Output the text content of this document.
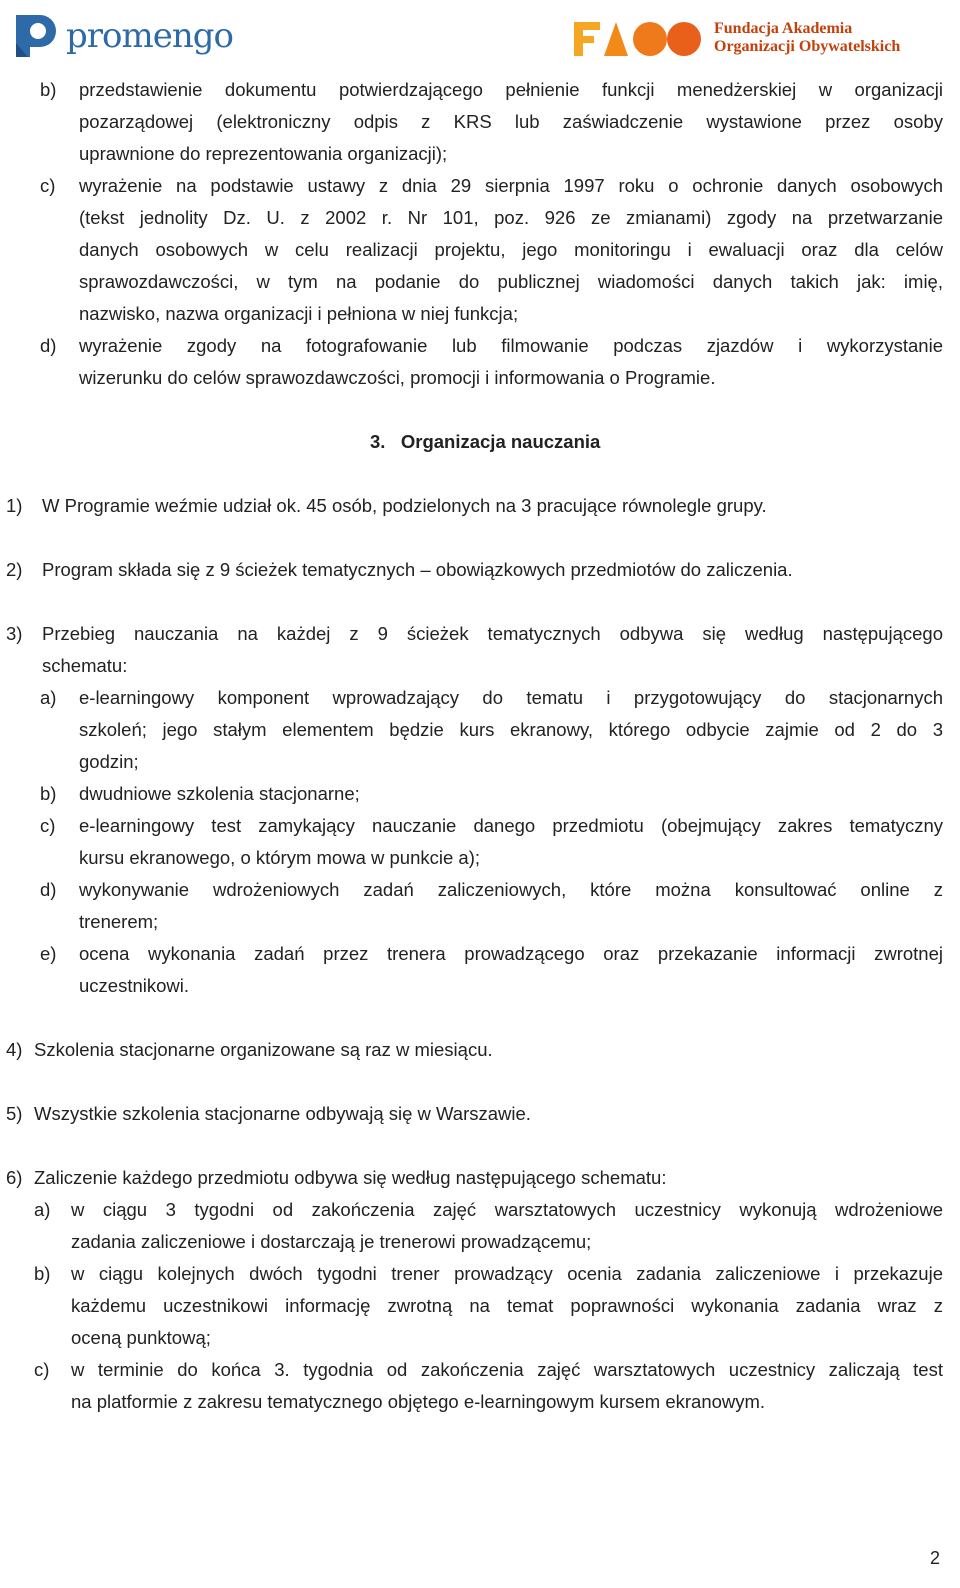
promengo	Fundacja Akademia
Organizacji Obywatelskich
b) przedstawienie dokumentu potwierdzającego pełnienie funkcji menedżerskiej w organizacji
pozarządowej (elektroniczny odpis z KRS lub zaświadczenie wystawione przez osoby
uprawnione do reprezentowania organizacji);
c) wyrażenie na podstawie ustawy z dnia 29 sierpnia 1997 roku o ochronie danych osobowych
(tekst jednolity Dz. U. z 2002 r. Nr 101, poz. 926 ze zmianami) zgody na przetwarzanie
danych osobowych w celu realizacji projektu, jego monitoringu i ewaluacji oraz dla celów
sprawozdawczości, w tym na podanie do publicznej wiadomości danych takich jak: imię,
nazwisko, nazwa organizacji i pełniona w niej funkcja;
d) wyrażenie zgody na fotografowanie lub filmowanie podczas zjazdów i wykorzystanie
wizerunku do celów sprawozdawczości, promocji i informowania o Programie.
3. Organizacja nauczania
1) W Programie weźmie udział ok. 45 osób, podzielonych na 3 pracujące równolegle grupy.
2) Program składa się z 9 ścieżek tematycznych – obowiązkowych przedmiotów do zaliczenia.
3) Przebieg nauczania na każdej z 9 ścieżek tematycznych odbywa się według następującego
schematu:
a) e-learningowy komponent wprowadzający do tematu i przygotowujący do stacjonarnych
szkoleń; jego stałym elementem będzie kurs ekranowy, którego odbycie zajmie od 2 do 3
godzin;
b) dwudniowe szkolenia stacjonarne;
c) e-learningowy test zamykający nauczanie danego przedmiotu (obejmujący zakres tematyczny
kursu ekranowego, o którym mowa w punkcie a);
d) wykonywanie wdrożeniowych zadań zaliczeniowych, które można konsultować online z
trenerem;
e) ocena wykonania zadań przez trenera prowadzącego oraz przekazanie informacji zwrotnej
uczestnikowi.
4) Szkolenia stacjonarne organizowane są raz w miesiącu.
5) Wszystkie szkolenia stacjonarne odbywają się w Warszawie.
6) Zaliczenie każdego przedmiotu odbywa się według następującego schematu:
a) w ciągu 3 tygodni od zakończenia zajęć warsztatowych uczestnicy wykonują wdrożeniowe
zadania zaliczeniowe i dostarczają je trenerowi prowadzącemu;
b) w ciągu kolejnych dwóch tygodni trener prowadzący ocenia zadania zaliczeniowe i przekazuje
każdemu uczestnikowi informację zwrotną na temat poprawności wykonania zadania wraz z
oceną punktową;
c) w terminie do końca 3. tygodnia od zakończenia zajęć warsztatowych uczestnicy zaliczają test
na platformie z zakresu tematycznego objętego e-learningowym kursem ekranowym.
2
